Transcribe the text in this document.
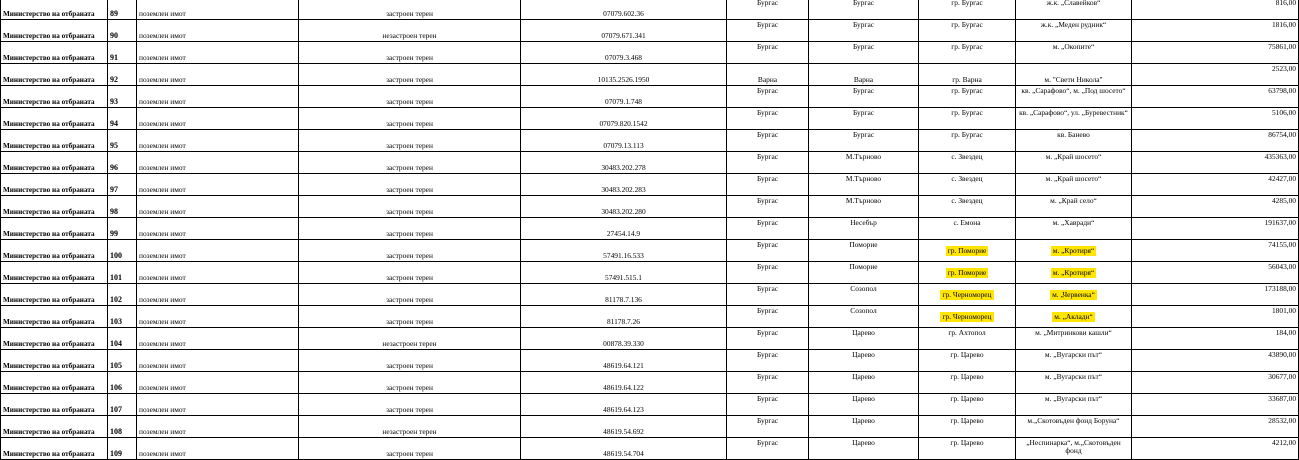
Министерство на отбраната	89	поземлен имот	застроен терен	07079.602.36	Бургас	Бургас	гр. Бургас	ж.к. „Славейков“	816,00
Министерство на отбраната	90	поземлен имот	незастроен терен	07079.671.341	Бургас	Бургас	гр. Бургас	ж.к. „Меден рудник“	1816,00
Министерство на отбраната	91	поземлен имот	застроен терен	07079.3.468	Бургас	Бургас	гр. Бургас	м. „Окопите“	75861,00
Министерство на отбраната	92	поземлен имот	застроен терен	10135.2526.1950	Варна	Варна	гр. Варна	м. "Свети Никола"	2523,00
Министерство на отбраната	93	поземлен имот	застроен терен	07079.1.748	Бургас	Бургас	гр. Бургас	кв. „Сарафово“, м. „Под шосето“	63798,00
Министерство на отбраната	94	поземлен имот	застроен терен	07079.820.1542	Бургас	Бургас	гр. Бургас	кв. „Сарафово“, ул. „Буревестник“	5106,00
Министерство на отбраната	95	поземлен имот	застроен терен	07079.13.113	Бургас	Бургас	гр. Бургас	кв. Банево	86754,00
Министерство на отбраната	96	поземлен имот	застроен терен	30483.202.278	Бургас	М.Търново	с. Звездец	м. „Край шосето“	435363,00
Министерство на отбраната	97	поземлен имот	застроен терен	30483.202.283	Бургас	М.Търново	с. Звездец	м. „Край шосето“	42427,00
Министерство на отбраната	98	поземлен имот	застроен терен	30483.202.280	Бургас	М.Търново	с. Звездец	м. „Край село“	4285,00
Министерство на отбраната	99	поземлен имот	застроен терен	27454.14.9	Бургас	Несебър	с. Емона	м. „Хавради“	191637,00
Министерство на отбраната	100	поземлен имот	застроен терен	57491.16.533	Бургас	Поморие	гр. Поморие	м. „Кротиря“	74155,00
Министерство на отбраната	101	поземлен имот	застроен терен	57491.515.1	Бургас	Поморие	гр. Поморие	м. „Кротиря“	56043,00
Министерство на отбраната	102	поземлен имот	застроен терен	81178.7.136	Бургас	Созопол	гр. Черноморец	м. „Червенка“	173188,00
Министерство на отбраната	103	поземлен имот	застроен терен	81178.7.26	Бургас	Созопол	гр. Черноморец	м. „Акладн“	1801,00
Министерство на отбраната	104	поземлен имот	незастроен терен	00878.39.330	Бургас	Царево	гр. Ахтопол	м. „Митринкови кашли“	184,00
Министерство на отбраната	105	поземлен имот	застроен терен	48619.64.121	Бургас	Царево	гр. Царево	м. „Вугарски път“	43890,00
Министерство на отбраната	106	поземлен имот	застроен терен	48619.64.122	Бургас	Царево	гр. Царево	м. „Вугарски път“	30677,00
Министерство на отбраната	107	поземлен имот	застроен терен	48619.64.123	Бургас	Царево	гр. Царево	м. „Вугарски път“	33687,00
Министерство на отбраната	108	поземлен имот	незастроен терен	48619.54.692	Бургас	Царево	гр. Царево	м.„Скотовъден фонд Боруна“	28532,00
Министерство на отбраната	109	поземлен имот	застроен терен	48619.54.704	Бургас	Царево	гр. Царево	„Неспинарка“, м.„Скотовъден фонд	4212,00
